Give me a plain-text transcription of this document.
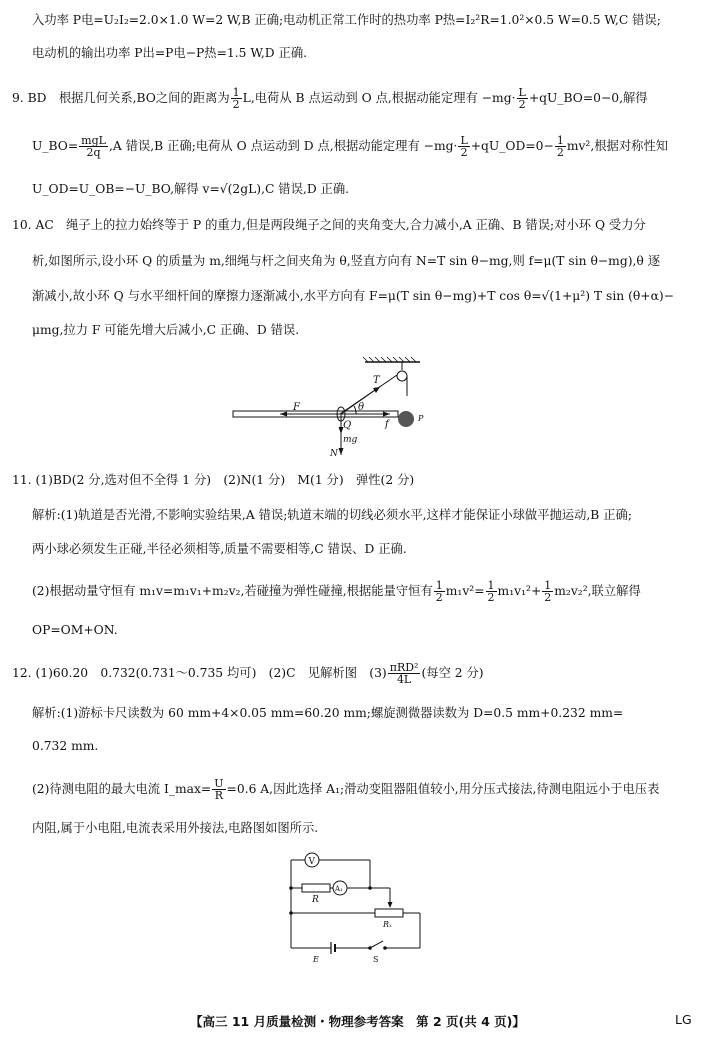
入功率 P电=U₂I₂=2.0×1.0 W=2 W,B 正确;电动机正常工作时的热功率 P热=I₂²R=1.0²×0.5 W=0.5 W,C 错误;
电动机的输出功率 P出=P电−P热=1.5 W,D 正确.
9. BD　根据几何关系,BO之间的距离为 $\frac{1}{2} L$,电荷从 B 点运动到 O 点,根据动能定理有 $-mg\cdot \frac{L}{2}$ +qU_BO=0−0,解得
U_BO= $\frac{\text{mgL}}{2q} ,A$ 错误,B 正确;电荷从 O 点运动到 D 点,根据动能定理有 $-mg\cdot \frac{L}{2}$ +qU_OD=0− $\frac{1}{2} mv^2$,根据对称性知
U_OD=U_OB=−U_BO,解得 v=√(2gL),C 错误,D 正确.
10. AC　绳子上的拉力始终等于 P 的重力,但是两段绳子之间的夹角变大,合力减小,A 正确、B 错误;对小环 Q 受力分
析,如图所示,设小环 Q 的质量为 m,细绳与杆之间夹角为 θ,竖直方向有 N=T sin θ−mg,则 f=μ(T sin θ−mg),θ 逐
渐减小,故小环 Q 与水平细杆间的摩擦力逐渐减小,水平方向有 F=μ(T sin θ−mg)+T cos θ=√(1+μ²) T sin (θ+α)−
μmg,拉力 F 可能先增大后减小,C 正确、D 错误.
T
θ
F
Q	f
P
mg
N
11. (1)BD(2 分,选对但不全得 1 分)　(2)N(1 分)　M(1 分)　弹性(2 分)
解析:(1)轨道是否光滑,不影响实验结果,A 错误;轨道末端的切线必须水平,这样才能保证小球做平抛运动,B 正确;
两小球必须发生正碰,半径必须相等,质量不需要相等,C 错误、D 正确.
(2)根据动量守恒有 m₁v=m₁v₁+m₂v₂,若碰撞为弹性碰撞,根据能量守恒有 $\frac{1}{2} m_1v^2= \frac{1}{2} m_1v_1^2+ \frac{1}{2} m_2v_2^2$,联立解得
OP=OM+ON.
12. (1)60.20　0.732(0.731～0.735 均可)　(2)C　见解析图　$(3) \frac{\text{πRD²}}{4L}$ (每空 2 分)
解析:(1)游标卡尺读数为 60 mm+4×0.05 mm=60.20 mm;螺旋测微器读数为 D=0.5 mm+0.232 mm=
0.732 mm.
(2)待测电阻的最大电流 I_max= $\frac{U}{R} =0.6$ A,因此选择 A₁;滑动变阻器阻值较小,用分压式接法,待测电阻远小于电压表
内阻,属于小电阻,电流表采用外接法,电路图如图所示.
V
A₁
R
Rₓ
E	S
【高三 11 月质量检测・物理参考答案　第 2 页(共 4 页)】	LG
